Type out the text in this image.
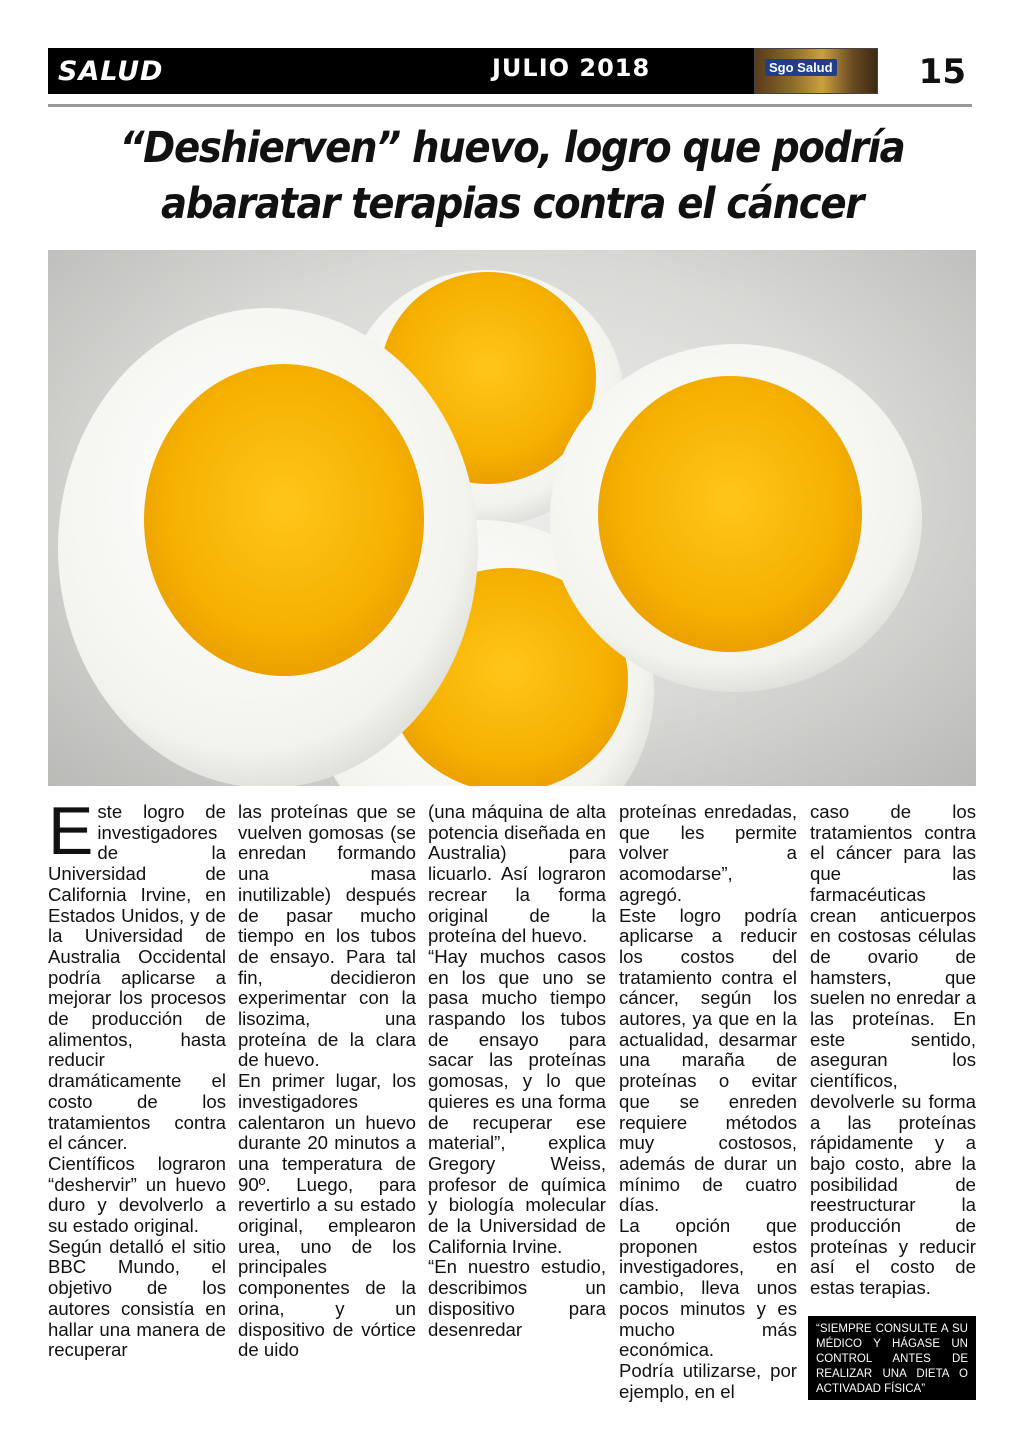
SALUD	JULIO 2018	Sgo Salud	15
“Deshierven” huevo, logro que podría
abaratar terapias contra el cáncer
E ste logro de investigadores de la Universidad de California Irvine, en Estados Unidos, y de la Universidad de Australia Occidental podría aplicarse a mejorar los procesos de producción de alimentos, hasta reducir dramáticamente el costo de los tratamientos contra el cáncer.

Científicos lograron “deshervir” un huevo duro y devolverlo a su estado original.

Según detalló el sitio BBC Mundo, el objetivo de los autores consistía en hallar una manera de recuperar

las proteínas que se vuelven gomosas (se enredan formando una masa inutilizable) después de pasar mucho tiempo en los tubos de ensayo. Para tal fin, decidieron experimentar con la lisozima, una proteína de la clara de huevo.

En primer lugar, los investigadores calentaron un huevo durante 20 minutos a una temperatura de 90º. Luego, para revertirlo a su estado original, emplearon urea, uno de los principales componentes de la orina, y un dispositivo de vórtice de uido

(una máquina de alta potencia diseñada en Australia) para licuarlo. Así lograron recrear la forma original de la proteína del huevo.

“Hay muchos casos en los que uno se pasa mucho tiempo raspando los tubos de ensayo para sacar las proteínas gomosas, y lo que quieres es una forma de recuperar ese material”, explica Gregory Weiss, profesor de química y biología molecular de la Universidad de California Irvine.

“En nuestro estudio, describimos un dispositivo para desenredar

proteínas enredadas, que les permite volver a acomodarse”, agregó.

Este logro podría aplicarse a reducir los costos del tratamiento contra el cáncer, según los autores, ya que en la actualidad, desarmar una maraña de proteínas o evitar que se enreden requiere métodos muy costosos, además de durar un mínimo de cuatro días.

La opción que proponen estos investigadores, en cambio, lleva unos pocos minutos y es mucho más económica.

Podría utilizarse, por ejemplo, en el

caso de los tratamientos contra el cáncer para las que las farmacéuticas crean anticuerpos en costosas células de ovario de hamsters, que suelen no enredar a las proteínas. En este sentido, aseguran los científicos, devolverle su forma a las proteínas rápidamente y a bajo costo, abre la posibilidad de reestructurar la producción de proteínas y reducir así el costo de estas terapias.

“SIEMPRE CONSULTE A SU MÉDICO Y HÁGASE UN CONTROL ANTES DE REALIZAR UNA DIETA O ACTIVADAD FÍSICA”
